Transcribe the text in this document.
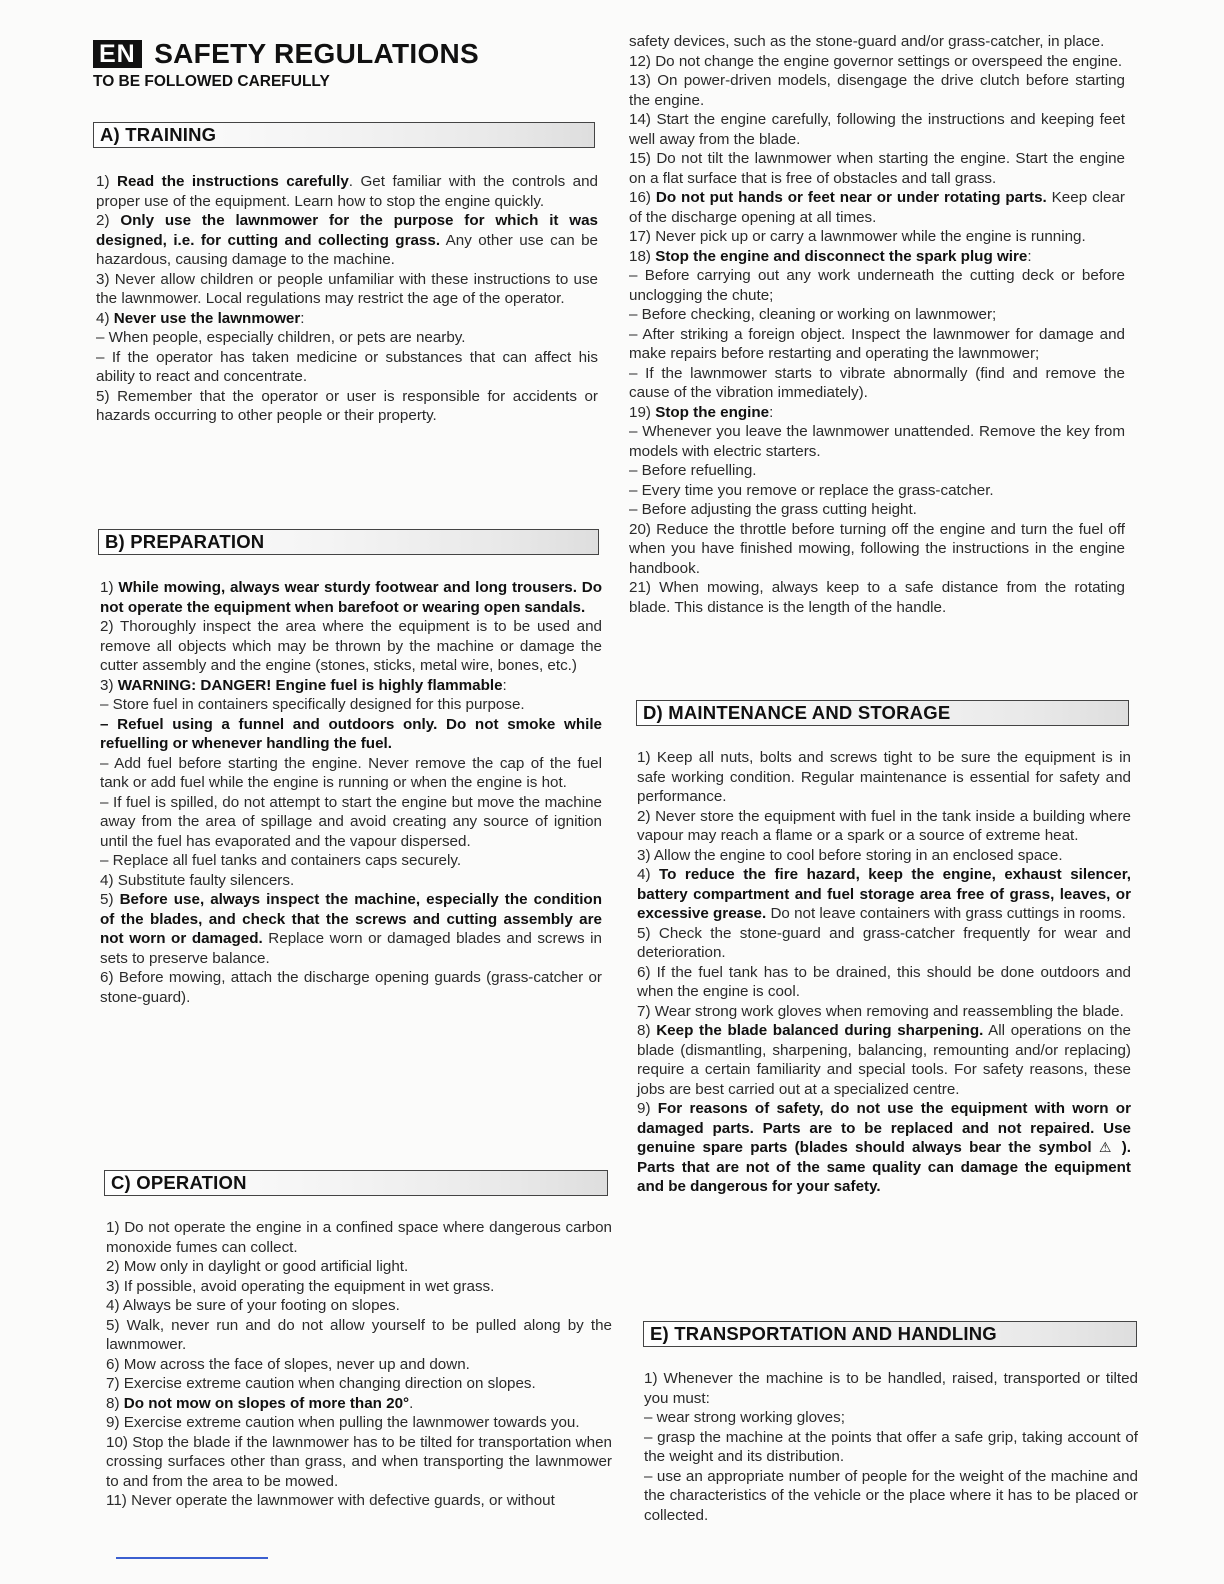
EN SAFETY REGULATIONS
TO BE FOLLOWED CAREFULLY
A) TRAINING

1) Read the instructions carefully. Get familiar with the controls and proper use of the equipment. Learn how to stop the engine quickly.

2) Only use the lawnmower for the purpose for which it was designed, i.e. for cutting and collecting grass. Any other use can be hazardous, causing damage to the machine.

3) Never allow children or people unfamiliar with these instructions to use the lawnmower. Local regulations may restrict the age of the operator.

4) Never use the lawnmower:

– When people, especially children, or pets are nearby.

– If the operator has taken medicine or substances that can affect his ability to react and concentrate.

5) Remember that the operator or user is responsible for accidents or hazards occurring to other people or their property.

B) PREPARATION

1) While mowing, always wear sturdy footwear and long trousers. Do not operate the equipment when barefoot or wearing open sandals.

2) Thoroughly inspect the area where the equipment is to be used and remove all objects which may be thrown by the machine or damage the cutter assembly and the engine (stones, sticks, metal wire, bones, etc.)

3) WARNING: DANGER! Engine fuel is highly flammable:

– Store fuel in containers specifically designed for this purpose.

– Refuel using a funnel and outdoors only. Do not smoke while refuelling or whenever handling the fuel.

– Add fuel before starting the engine. Never remove the cap of the fuel tank or add fuel while the engine is running or when the engine is hot.

– If fuel is spilled, do not attempt to start the engine but move the machine away from the area of spillage and avoid creating any source of ignition until the fuel has evaporated and the vapour dispersed.

– Replace all fuel tanks and containers caps securely.

4) Substitute faulty silencers.

5) Before use, always inspect the machine, especially the condition of the blades, and check that the screws and cutting assembly are not worn or damaged. Replace worn or damaged blades and screws in sets to preserve balance.

6) Before mowing, attach the discharge opening guards (grass-catcher or stone-guard).

C) OPERATION

1) Do not operate the engine in a confined space where dangerous carbon monoxide fumes can collect.

2) Mow only in daylight or good artificial light.

3) If possible, avoid operating the equipment in wet grass.

4) Always be sure of your footing on slopes.

5) Walk, never run and do not allow yourself to be pulled along by the lawnmower.

6) Mow across the face of slopes, never up and down.

7) Exercise extreme caution when changing direction on slopes.

8) Do not mow on slopes of more than 20°.

9) Exercise extreme caution when pulling the lawnmower towards you.

10) Stop the blade if the lawnmower has to be tilted for transportation when crossing surfaces other than grass, and when transporting the lawnmower to and from the area to be mowed.

11) Never operate the lawnmower with defective guards, or without

safety devices, such as the stone-guard and/or grass-catcher, in place.

12) Do not change the engine governor settings or overspeed the engine.

13) On power-driven models, disengage the drive clutch before starting the engine.

14) Start the engine carefully, following the instructions and keeping feet well away from the blade.

15) Do not tilt the lawnmower when starting the engine. Start the engine on a flat surface that is free of obstacles and tall grass.

16) Do not put hands or feet near or under rotating parts. Keep clear of the discharge opening at all times.

17) Never pick up or carry a lawnmower while the engine is running.

18) Stop the engine and disconnect the spark plug wire:

– Before carrying out any work underneath the cutting deck or before unclogging the chute;

– Before checking, cleaning or working on lawnmower;

– After striking a foreign object. Inspect the lawnmower for damage and make repairs before restarting and operating the lawnmower;

– If the lawnmower starts to vibrate abnormally (find and remove the cause of the vibration immediately).

19) Stop the engine:

– Whenever you leave the lawnmower unattended. Remove the key from models with electric starters.

– Before refuelling.

– Every time you remove or replace the grass-catcher.

– Before adjusting the grass cutting height.

20) Reduce the throttle before turning off the engine and turn the fuel off when you have finished mowing, following the instructions in the engine handbook.

21) When mowing, always keep to a safe distance from the rotating blade. This distance is the length of the handle.

D) MAINTENANCE AND STORAGE

1) Keep all nuts, bolts and screws tight to be sure the equipment is in safe working condition. Regular maintenance is essential for safety and performance.

2) Never store the equipment with fuel in the tank inside a building where vapour may reach a flame or a spark or a source of extreme heat.

3) Allow the engine to cool before storing in an enclosed space.

4) To reduce the fire hazard, keep the engine, exhaust silencer, battery compartment and fuel storage area free of grass, leaves, or excessive grease. Do not leave containers with grass cuttings in rooms.

5) Check the stone-guard and grass-catcher frequently for wear and deterioration.

6) If the fuel tank has to be drained, this should be done outdoors and when the engine is cool.

7) Wear strong work gloves when removing and reassembling the blade.

8) Keep the blade balanced during sharpening. All operations on the blade (dismantling, sharpening, balancing, remounting and/or replacing) require a certain familiarity and special tools. For safety reasons, these jobs are best carried out at a specialized centre.

9) For reasons of safety, do not use the equipment with worn or damaged parts. Parts are to be replaced and not repaired. Use genuine spare parts (blades should always bear the symbol ⚠ ). Parts that are not of the same quality can damage the equipment and be dangerous for your safety.

E) TRANSPORTATION AND HANDLING

1) Whenever the machine is to be handled, raised, transported or tilted you must:

– wear strong working gloves;

– grasp the machine at the points that offer a safe grip, taking account of the weight and its distribution.

– use an appropriate number of people for the weight of the machine and the characteristics of the vehicle or the place where it has to be placed or collected.
